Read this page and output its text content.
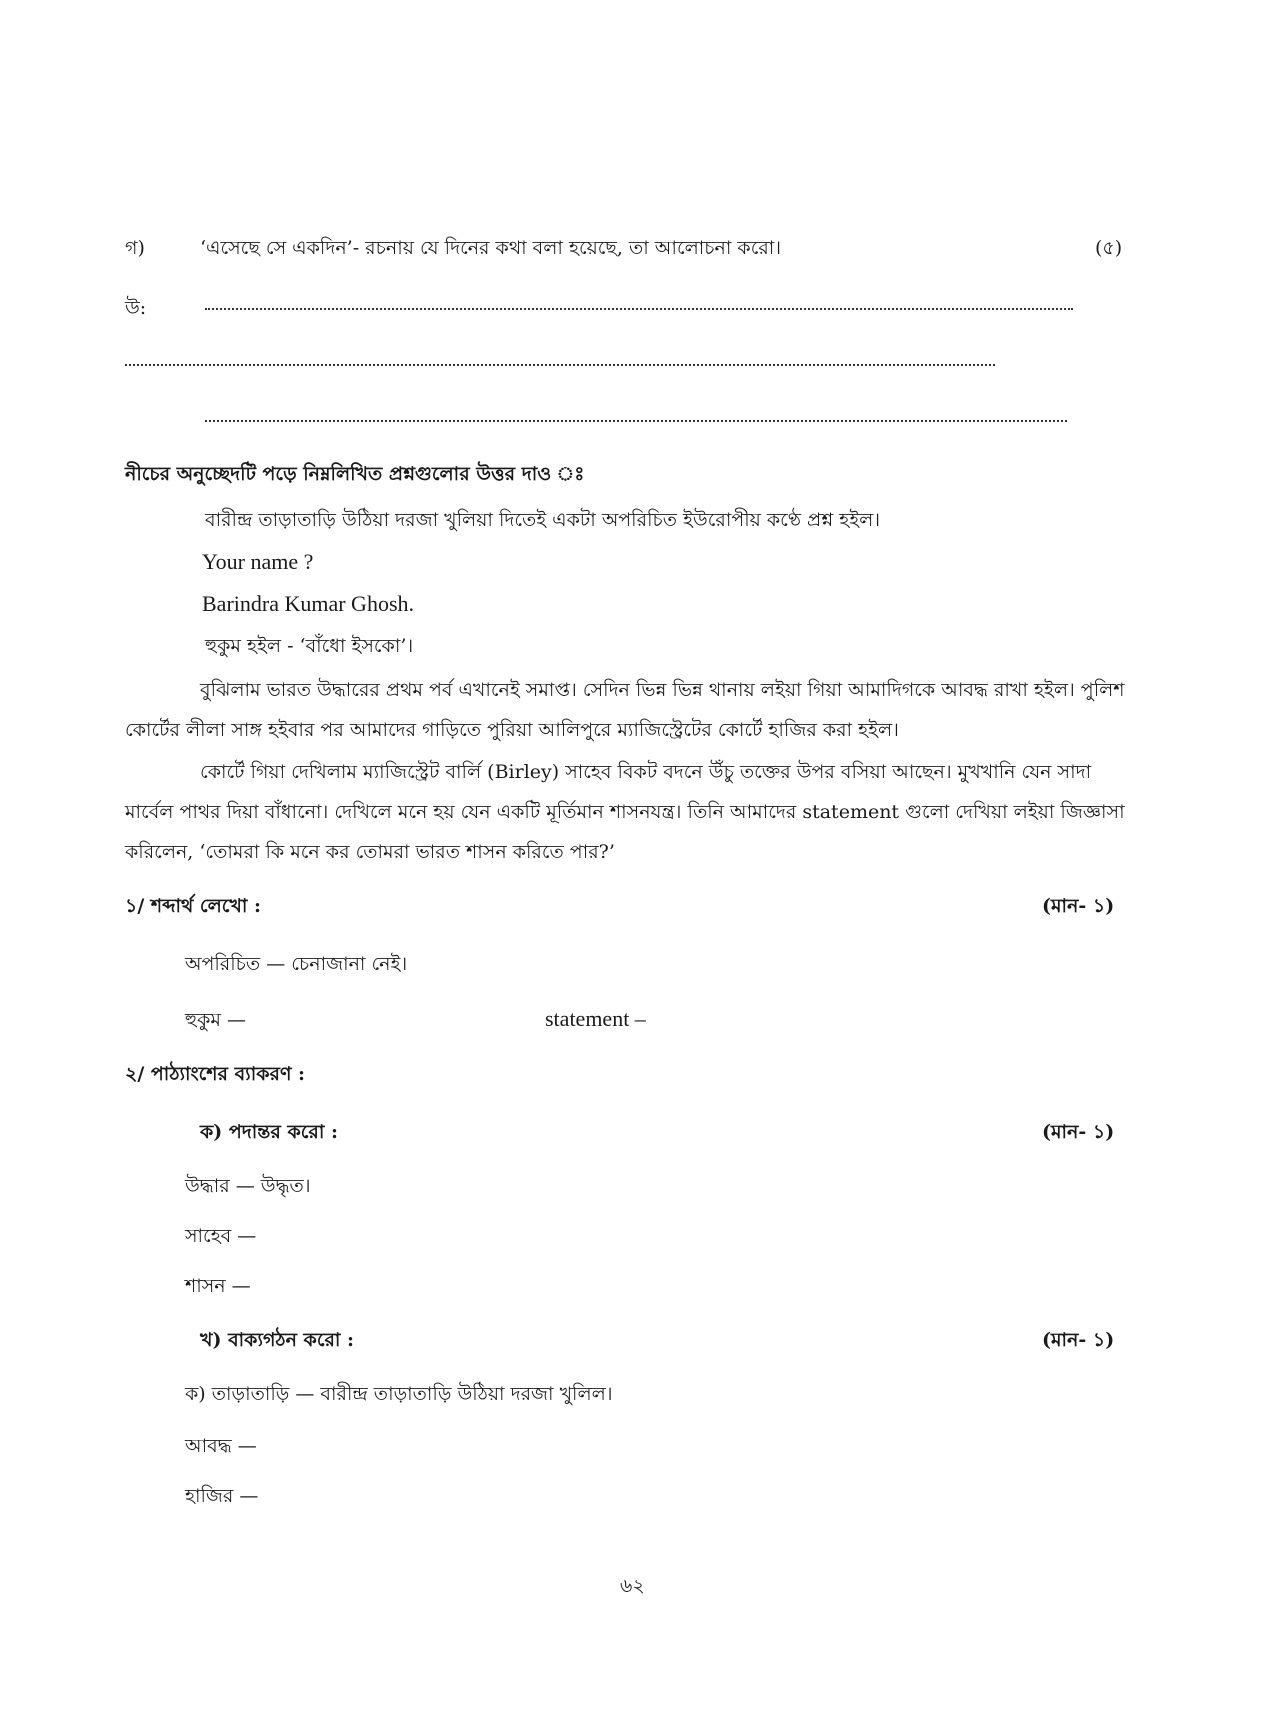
গ)	‘এসেছে সে একদিন’- রচনায় যে দিনের কথা বলা হয়েছে, তা আলোচনা করো।	(৫)
উ:
নীচের অনুচ্ছেদটি পড়ে নিম্নলিখিত প্রশ্নগুলোর উত্তর দাও ঃ
বারীন্দ্র তাড়াতাড়ি উঠিয়া দরজা খুলিয়া দিতেই একটা অপরিচিত ইউরোপীয় কণ্ঠে প্রশ্ন হইল।
Your name ?
Barindra Kumar Ghosh.
হুকুম হইল - ‘বাঁধো ইসকো’।

বুঝিলাম ভারত উদ্ধারের প্রথম পর্ব এখানেই সমাপ্ত। সেদিন ভিন্ন ভিন্ন থানায় লইয়া গিয়া আমাদিগকে আবদ্ধ রাখা হইল। পুলিশ কোর্টের লীলা সাঙ্গ হইবার পর আমাদের গাড়িতে পুরিয়া আলিপুরে ম্যাজিস্ট্রেটের কোর্টে হাজির করা হইল।

কোর্টে গিয়া দেখিলাম ম্যাজিস্ট্রেট বার্লি (Birley) সাহেব বিকট বদনে উঁচু তক্তের উপর বসিয়া আছেন। মুখখানি যেন সাদা মার্বেল পাথর দিয়া বাঁধানো। দেখিলে মনে হয় যেন একটি মূর্তিমান শাসনযন্ত্র। তিনি আমাদের statement গুলো দেখিয়া লইয়া জিজ্ঞাসা করিলেন, ‘তোমরা কি মনে কর তোমরা ভারত শাসন করিতে পার?’

১/ শব্দার্থ লেখো :	(মান- ১)
অপরিচিত — চেনাজানা নেই।
হুকুম —	statement –
২/ পাঠ্যাংশের ব্যাকরণ :
ক) পদান্তর করো :	(মান- ১)
উদ্ধার — উদ্ধৃত।
সাহেব —
শাসন —
খ) বাক্যগঠন করো :	(মান- ১)
ক) তাড়াতাড়ি — বারীন্দ্র তাড়াতাড়ি উঠিয়া দরজা খুলিল।
আবদ্ধ —
হাজির —
৬২
